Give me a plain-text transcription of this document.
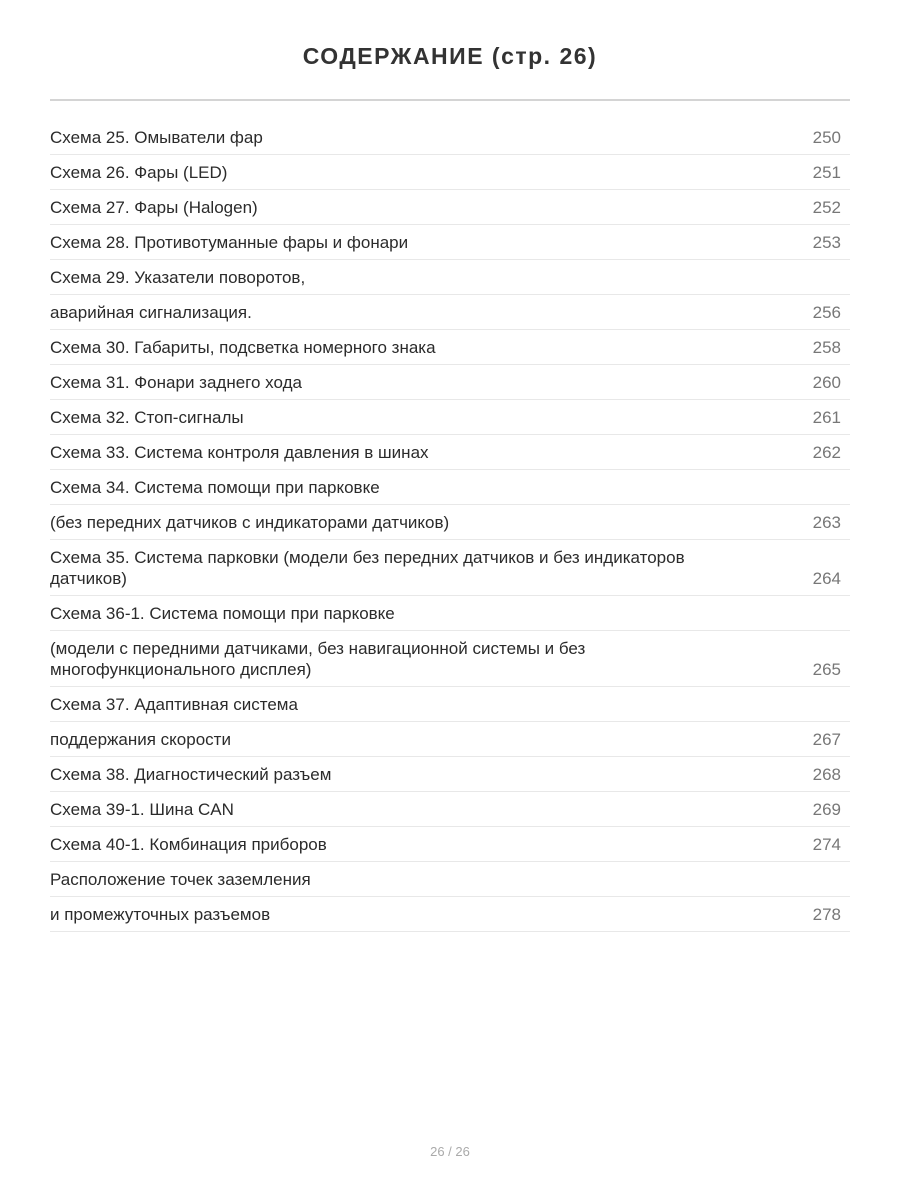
СОДЕРЖАНИЕ (стр. 26)
Схема 25. Омыватели фар	250
Схема 26. Фары (LED)	251
Схема 27. Фары (Halogen)	252
Схема 28. Противотуманные фары и фонари	253
Схема 29. Указатели поворотов,
аварийная сигнализация.	256
Схема 30. Габариты, подсветка номерного знака	258
Схема 31. Фонари заднего хода	260
Схема 32. Стоп-сигналы	261
Схема 33. Система контроля давления в шинах	262
Схема 34. Система помощи при парковке
(без передних датчиков с индикаторами датчиков)	263
Схема 35. Система парковки (модели без передних датчиков и без индикаторов датчиков)	264
Схема 36-1. Система помощи при парковке
(модели с передними датчиками, без навигационной системы и без многофункционального дисплея)	265
Схема 37. Адаптивная система
поддержания скорости	267
Схема 38. Диагностический разъем	268
Схема 39-1. Шина CAN	269
Схема 40-1. Комбинация приборов	274
Расположение точек заземления
и промежуточных разъемов	278
26 / 26
